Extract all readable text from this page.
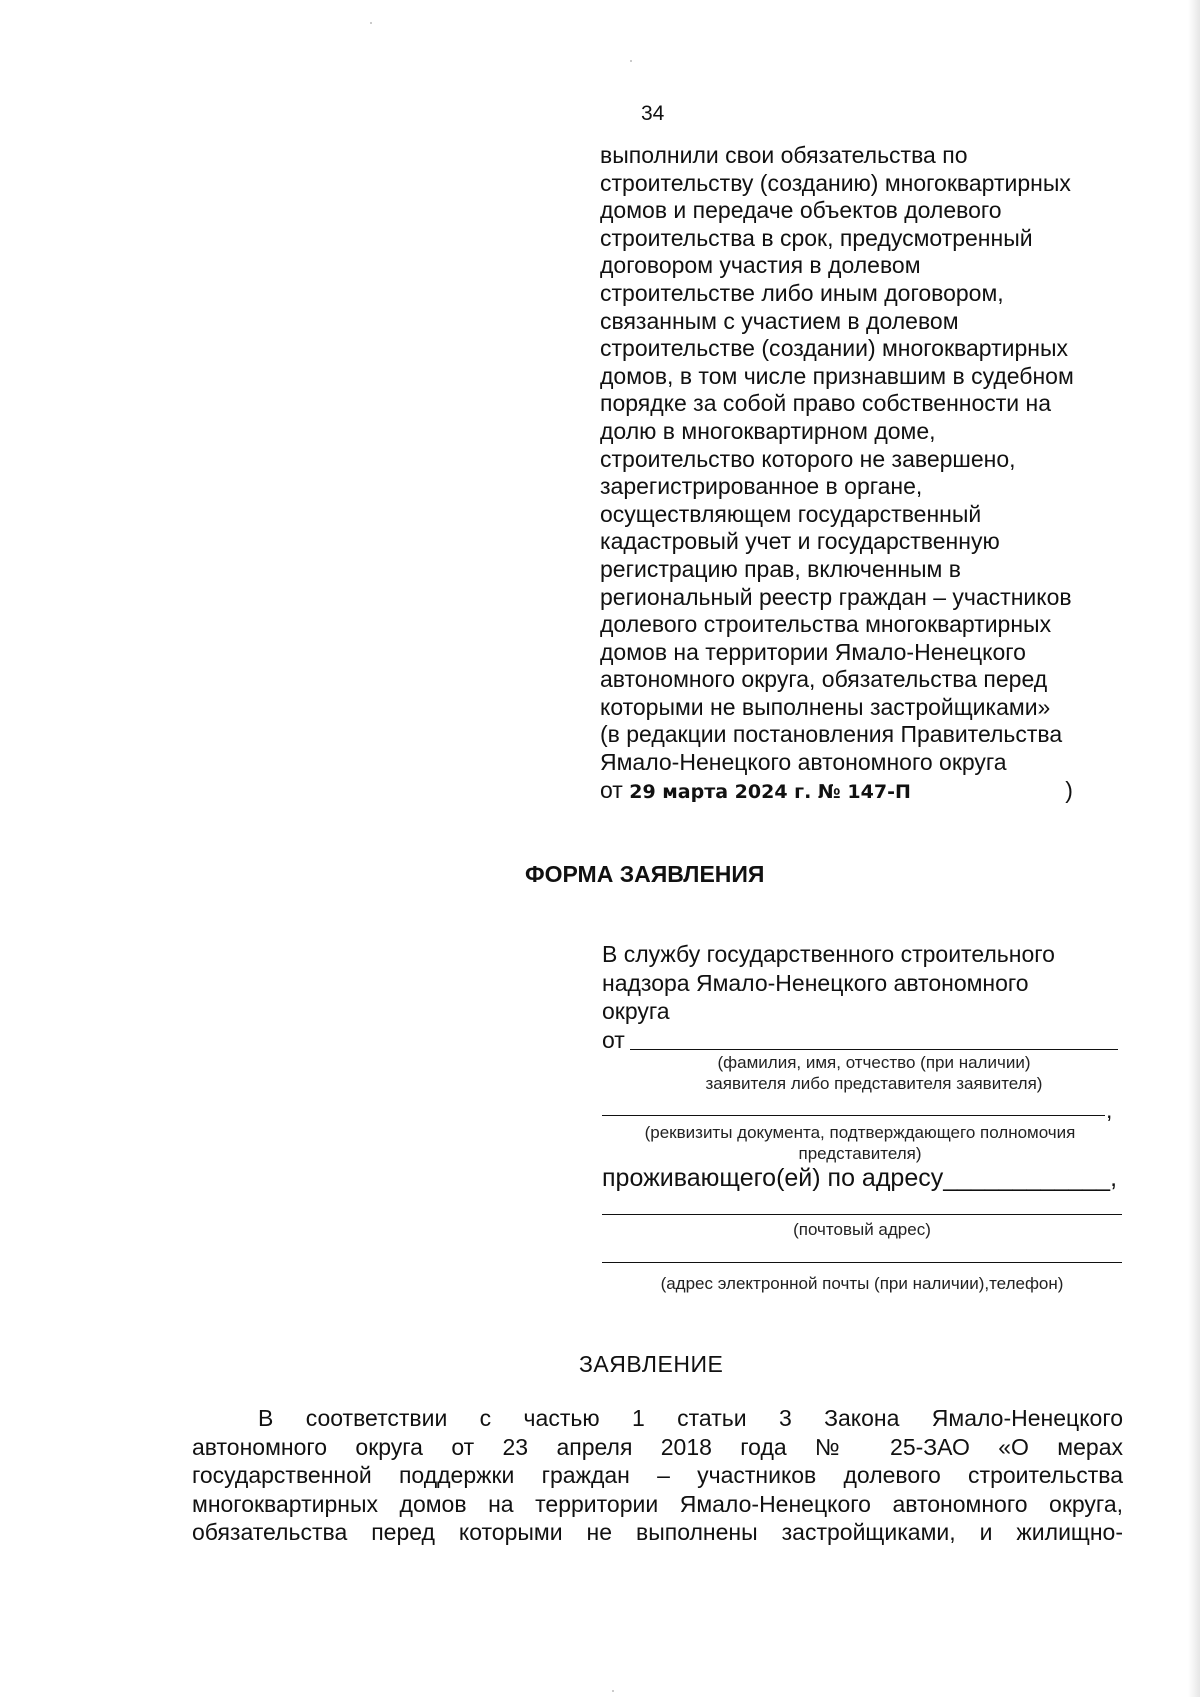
34
выполнили свои обязательства по
строительству (созданию) многоквартирных
домов и передаче объектов долевого
строительства в срок, предусмотренный
договором участия в долевом
строительстве либо иным договором,
связанным с участием в долевом
строительстве (создании) многоквартирных
домов, в том числе признавшим в судебном
порядке за собой право собственности на
долю в многоквартирном доме,
строительство которого не завершено,
зарегистрированное в органе,
осуществляющем государственный
кадастровый учет и государственную
регистрацию прав, включенным в
региональный реестр граждан – участников
долевого строительства многоквартирных
домов на территории Ямало-Ненецкого
автономного округа, обязательства перед
которыми не выполнены застройщиками»
(в редакции постановления Правительства
Ямало-Ненецкого автономного округа
от 29 марта 2024 г. № 147-П	)
ФОРМА ЗАЯВЛЕНИЯ
В службу государственного строительного
надзора Ямало-Ненецкого автономного
округа
от
(фамилия, имя, отчество (при наличии)
заявителя либо представителя заявителя)
,
(реквизиты документа, подтверждающего полномочия
представителя)
проживающего(ей) по адресу____________,
(почтовый адрес)
(адрес электронной почты (при наличии),телефон)
ЗАЯВЛЕНИЕ
В соответствии с частью 1 статьи 3 Закона Ямало-Ненецкого
автономного округа от 23 апреля 2018 года № 25-ЗАО «О мерах
государственной поддержки граждан – участников долевого строительства
многоквартирных домов на территории Ямало-Ненецкого автономного округа,
обязательства перед которыми не выполнены застройщиками, и жилищно-
